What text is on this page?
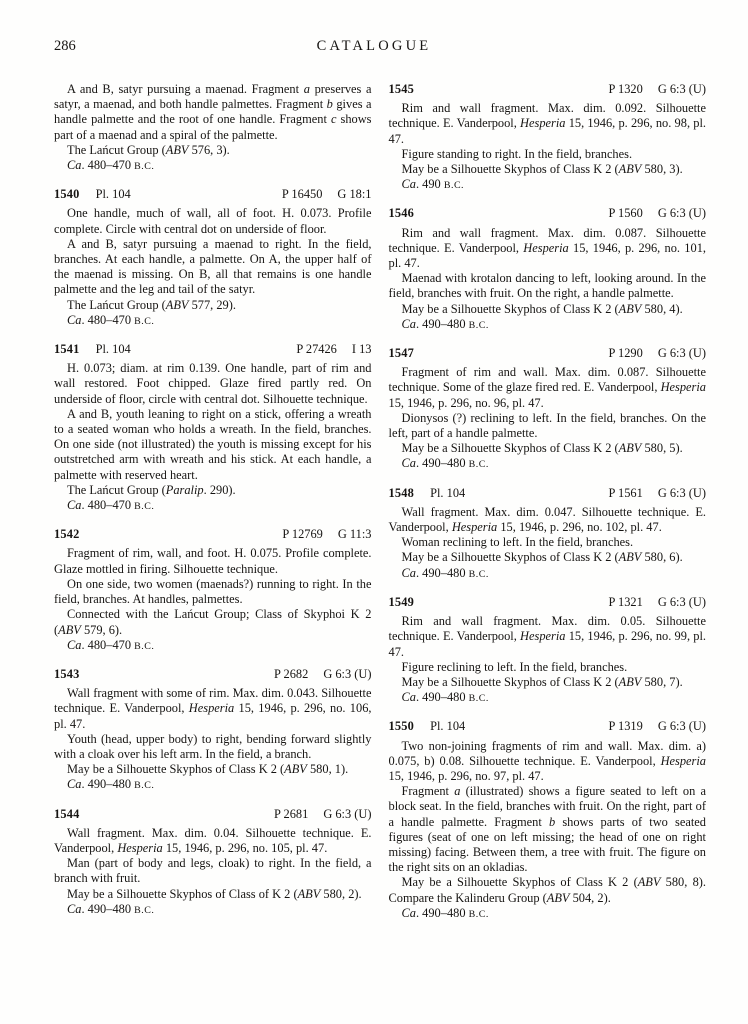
286	CATALOGUE

A and B, satyr pursuing a maenad. Fragment a preserves a satyr, a maenad, and both handle palmettes. Fragment b gives a handle palmette and the root of one handle. Fragment c shows part of a maenad and a spiral of the palmette.

The Lańcut Group (ABV 576, 3).

Ca. 480–470 B.C.

1540 Pl. 104	P 16450 G 18:1

One handle, much of wall, all of foot. H. 0.073. Profile complete. Circle with central dot on underside of floor.

A and B, satyr pursuing a maenad to right. In the field, branches. At each handle, a palmette. On A, the upper half of the maenad is missing. On B, all that remains is one handle palmette and the leg and tail of the satyr.

The Lańcut Group (ABV 577, 29).

Ca. 480–470 B.C.

1541 Pl. 104	P 27426 I 13

H. 0.073; diam. at rim 0.139. One handle, part of rim and wall restored. Foot chipped. Glaze fired partly red. On underside of floor, circle with central dot. Silhouette technique.

A and B, youth leaning to right on a stick, offering a wreath to a seated woman who holds a wreath. In the field, branches. On one side (not illustrated) the youth is missing except for his outstretched arm with wreath and his stick. At each handle, a palmette with reserved heart.

The Lańcut Group (Paralip. 290).

Ca. 480–470 B.C.

1542	P 12769 G 11:3

Fragment of rim, wall, and foot. H. 0.075. Profile complete. Glaze mottled in firing. Silhouette technique.

On one side, two women (maenads?) running to right. In the field, branches. At handles, palmettes.

Connected with the Lańcut Group; Class of Skyphoi K 2 (ABV 579, 6).

Ca. 480–470 B.C.

1543	P 2682 G 6:3 (U)

Wall fragment with some of rim. Max. dim. 0.043. Silhouette technique. E. Vanderpool, Hesperia 15, 1946, p. 296, no. 106, pl. 47.

Youth (head, upper body) to right, bending forward slightly with a cloak over his left arm. In the field, a branch.

May be a Silhouette Skyphos of Class K 2 (ABV 580, 1).

Ca. 490–480 B.C.

1544	P 2681 G 6:3 (U)

Wall fragment. Max. dim. 0.04. Silhouette technique. E. Vanderpool, Hesperia 15, 1946, p. 296, no. 105, pl. 47.

Man (part of body and legs, cloak) to right. In the field, a branch with fruit.

May be a Silhouette Skyphos of Class of K 2 (ABV 580, 2).

Ca. 490–480 B.C.

1545	P 1320 G 6:3 (U)

Rim and wall fragment. Max. dim. 0.092. Silhouette technique. E. Vanderpool, Hesperia 15, 1946, p. 296, no. 98, pl. 47.

Figure standing to right. In the field, branches.

May be a Silhouette Skyphos of Class K 2 (ABV 580, 3).

Ca. 490 B.C.

1546	P 1560 G 6:3 (U)

Rim and wall fragment. Max. dim. 0.087. Silhouette technique. E. Vanderpool, Hesperia 15, 1946, p. 296, no. 101, pl. 47.

Maenad with krotalon dancing to left, looking around. In the field, branches with fruit. On the right, a handle palmette.

May be a Silhouette Skyphos of Class K 2 (ABV 580, 4).

Ca. 490–480 B.C.

1547	P 1290 G 6:3 (U)

Fragment of rim and wall. Max. dim. 0.087. Silhouette technique. Some of the glaze fired red. E. Vanderpool, Hesperia 15, 1946, p. 296, no. 96, pl. 47.

Dionysos (?) reclining to left. In the field, branches. On the left, part of a handle palmette.

May be a Silhouette Skyphos of Class K 2 (ABV 580, 5).

Ca. 490–480 B.C.

1548 Pl. 104	P 1561 G 6:3 (U)

Wall fragment. Max. dim. 0.047. Silhouette technique. E. Vanderpool, Hesperia 15, 1946, p. 296, no. 102, pl. 47.

Woman reclining to left. In the field, branches.

May be a Silhouette Skyphos of Class K 2 (ABV 580, 6).

Ca. 490–480 B.C.

1549	P 1321 G 6:3 (U)

Rim and wall fragment. Max. dim. 0.05. Silhouette technique. E. Vanderpool, Hesperia 15, 1946, p. 296, no. 99, pl. 47.

Figure reclining to left. In the field, branches.

May be a Silhouette Skyphos of Class K 2 (ABV 580, 7).

Ca. 490–480 B.C.

1550 Pl. 104	P 1319 G 6:3 (U)

Two non-joining fragments of rim and wall. Max. dim. a) 0.075, b) 0.08. Silhouette technique. E. Vanderpool, Hesperia 15, 1946, p. 296, no. 97, pl. 47.

Fragment a (illustrated) shows a figure seated to left on a block seat. In the field, branches with fruit. On the right, part of a handle palmette. Fragment b shows parts of two seated figures (seat of one on left missing; the head of one on right missing) facing. Between them, a tree with fruit. The figure on the right sits on an okladias.

May be a Silhouette Skyphos of Class K 2 (ABV 580, 8). Compare the Kalinderu Group (ABV 504, 2).

Ca. 490–480 B.C.
